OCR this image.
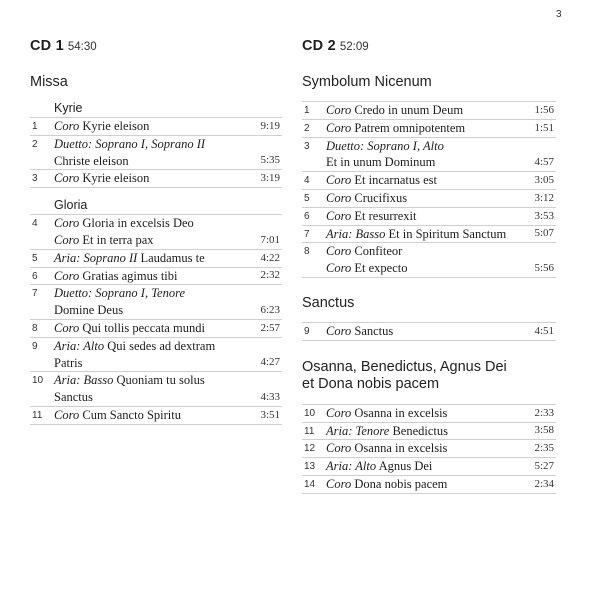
3
CD 1 54:30
Missa
Kyrie
1	Coro Kyrie eleison	9:19
2	Duetto: Soprano I, Soprano II
Christe eleison	5:35
3	Coro Kyrie eleison	3:19
Gloria
4	Coro Gloria in excelsis Deo
Coro Et in terra pax	7:01
5	Aria: Soprano II Laudamus te	4:22
6	Coro Gratias agimus tibi	2:32
7	Duetto: Soprano I, Tenore
Domine Deus	6:23
8	Coro Qui tollis peccata mundi	2:57
9	Aria: Alto Qui sedes ad dextram
Patris	4:27
10 Aria: Basso Quoniam tu solus
Sanctus	4:33
11 Coro Cum Sancto Spiritu	3:51
CD 2 52:09
Symbolum Nicenum
1	Coro Credo in unum Deum	1:56
2	Coro Patrem omnipotentem	1:51
3	Duetto: Soprano I, Alto
Et in unum Dominum	4:57
4	Coro Et incarnatus est	3:05
5	Coro Crucifixus	3:12
6	Coro Et resurrexit	3:53
7	Aria: Basso Et in Spiritum Sanctum	5:07
8	Coro Confiteor
Coro Et expecto	5:56
Sanctus
9	Coro Sanctus	4:51
Osanna, Benedictus, Agnus Dei
et Dona nobis pacem
10 Coro Osanna in excelsis	2:33
11 Aria: Tenore Benedictus	3:58
12 Coro Osanna in excelsis	2:35
13 Aria: Alto Agnus Dei	5:27
14 Coro Dona nobis pacem	2:34
